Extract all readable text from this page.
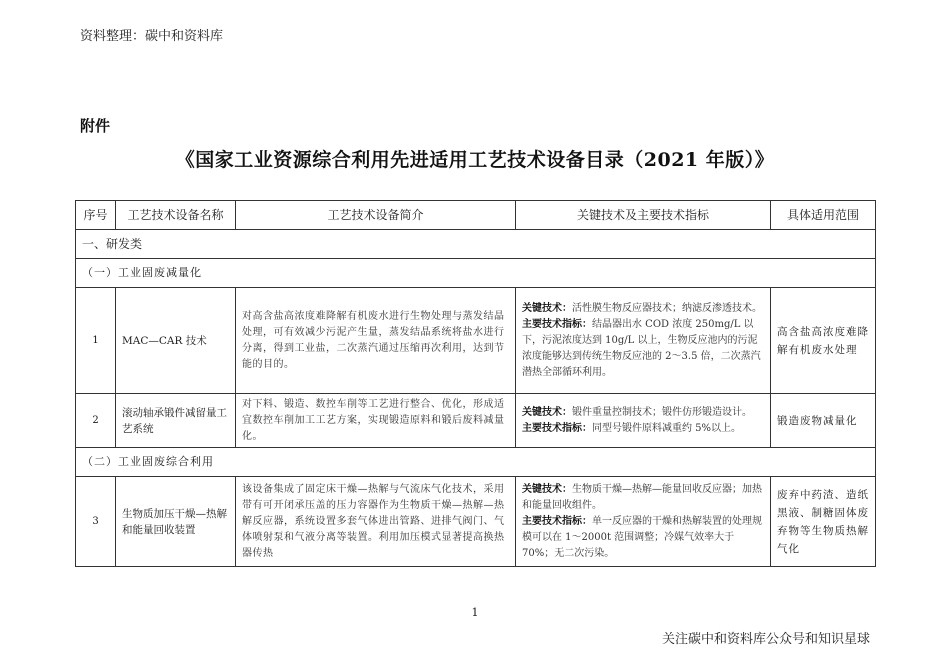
资料整理：碳中和资料库
附件
《国家工业资源综合利用先进适用工艺技术设备目录（2021 年版）》
序号	工艺技术设备名称	工艺技术设备简介	关键技术及主要技术指标	具体适用范围
一、研发类				
（一）工业固废减量化				
1	MAC—CAR 技术	对高含盐高浓度难降解有机废水进行生物处理与蒸发结晶处理，可有效减少污泥产生量，蒸发结晶系统将盐水进行分离，得到工业盐，二次蒸汽通过压缩再次利用，达到节能的目的。	关键技术：活性膜生物反应器技术；纳滤反渗透技术。
主要技术指标：结晶器出水 COD 浓度 250mg/L 以下，污泥浓度达到 10g/L 以上，生物反应池内的污泥浓度能够达到传统生物反应池的 2～3.5 倍，二次蒸汽潜热全部循环利用。	高含盐高浓度难降解有机废水处理
2	滚动轴承锻件减留量工艺系统	对下料、锻造、数控车削等工艺进行整合、优化，形成适宜数控车削加工工艺方案，实现锻造原料和锻后废料减量化。	关键技术：锻件重量控制技术；锻件仿形锻造设计。
主要技术指标：同型号锻件原料减重约 5%以上。	锻造废物减量化
（二）工业固废综合利用				
3	生物质加压干燥—热解和能量回收装置	该设备集成了固定床干燥—热解与气流床气化技术，采用带有可开闭承压盖的压力容器作为生物质干燥—热解—热解反应器，系统设置多套气体进出管路、进排气阀门、气体喷射泵和气液分离等装置。利用加压模式显著提高换热器传热	关键技术：生物质干燥—热解—能量回收反应器；加热和能量回收组件。
主要技术指标：单一反应器的干燥和热解装置的处理规模可以在 1～2000t 范围调整；冷媒气效率大于 70%；无二次污染。	废弃中药渣、造纸黑液、制糖固体废弃物等生物质热解气化
1
关注碳中和资料库公众号和知识星球
